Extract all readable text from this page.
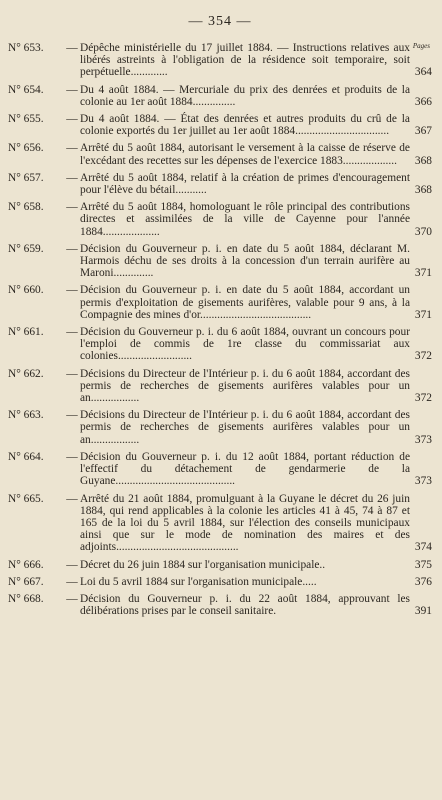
— 354 —
Pages
N° 653.	— Dépêche ministérielle du 17 juillet 1884. — Instructions relatives aux libérés astreints à l'obligation de la résidence soit temporaire, soit perpétuelle.............	364
N° 654.	— Du 4 août 1884. — Mercuriale du prix des denrées et produits de la colonie au 1er août 1884...............	366
N° 655.	— Du 4 août 1884. — État des denrées et autres produits du crû de la colonie exportés du 1er juillet au 1er août 1884.................................	367
N° 656.	— Arrêté du 5 août 1884, autorisant le versement à la caisse de réserve de l'excédant des recettes sur les dépenses de l'exercice 1883...................	368
N° 657.	— Arrêté du 5 août 1884, relatif à la création de primes d'encouragement pour l'élève du bétail...........	368
N° 658.	— Arrêté du 5 août 1884, homologuant le rôle principal des contributions directes et assimilées de la ville de Cayenne pour l'année 1884....................	370
N° 659.	— Décision du Gouverneur p. i. en date du 5 août 1884, déclarant M. Harmois déchu de ses droits à la concession d'un terrain aurifère au Maroni..............	371
N° 660.	— Décision du Gouverneur p. i. en date du 5 août 1884, accordant un permis d'exploitation de gisements aurifères, valable pour 9 ans, à la Compagnie des mines d'or.......................................	371
N° 661.	— Décision du Gouverneur p. i. du 6 août 1884, ouvrant un concours pour l'emploi de commis de 1re classe du commissariat aux colonies..........................	372
N° 662.	— Décisions du Directeur de l'Intérieur p. i. du 6 août 1884, accordant des permis de recherches de gisements aurifères valables pour un an.................	372
N° 663.	— Décisions du Directeur de l'Intérieur p. i. du 6 août 1884, accordant des permis de recherches de gisements aurifères valables pour un an.................	373
N° 664.	— Décision du Gouverneur p. i. du 12 août 1884, portant réduction de l'effectif du détachement de gendarmerie de la Guyane..........................................	373
N° 665.	— Arrêté du 21 août 1884, promulguant à la Guyane le décret du 26 juin 1884, qui rend applicables à la colonie les articles 41 à 45, 74 à 87 et 165 de la loi du 5 avril 1884, sur l'élection des conseils municipaux ainsi que sur le mode de nomination des maires et des adjoints...........................................	374
N° 666.	— Décret du 26 juin 1884 sur l'organisation municipale..	375
N° 667.	— Loi du 5 avril 1884 sur l'organisation municipale.....	376
N° 668.	— Décision du Gouverneur p. i. du 22 août 1884, approuvant les délibérations prises par le conseil sanitaire.	391
